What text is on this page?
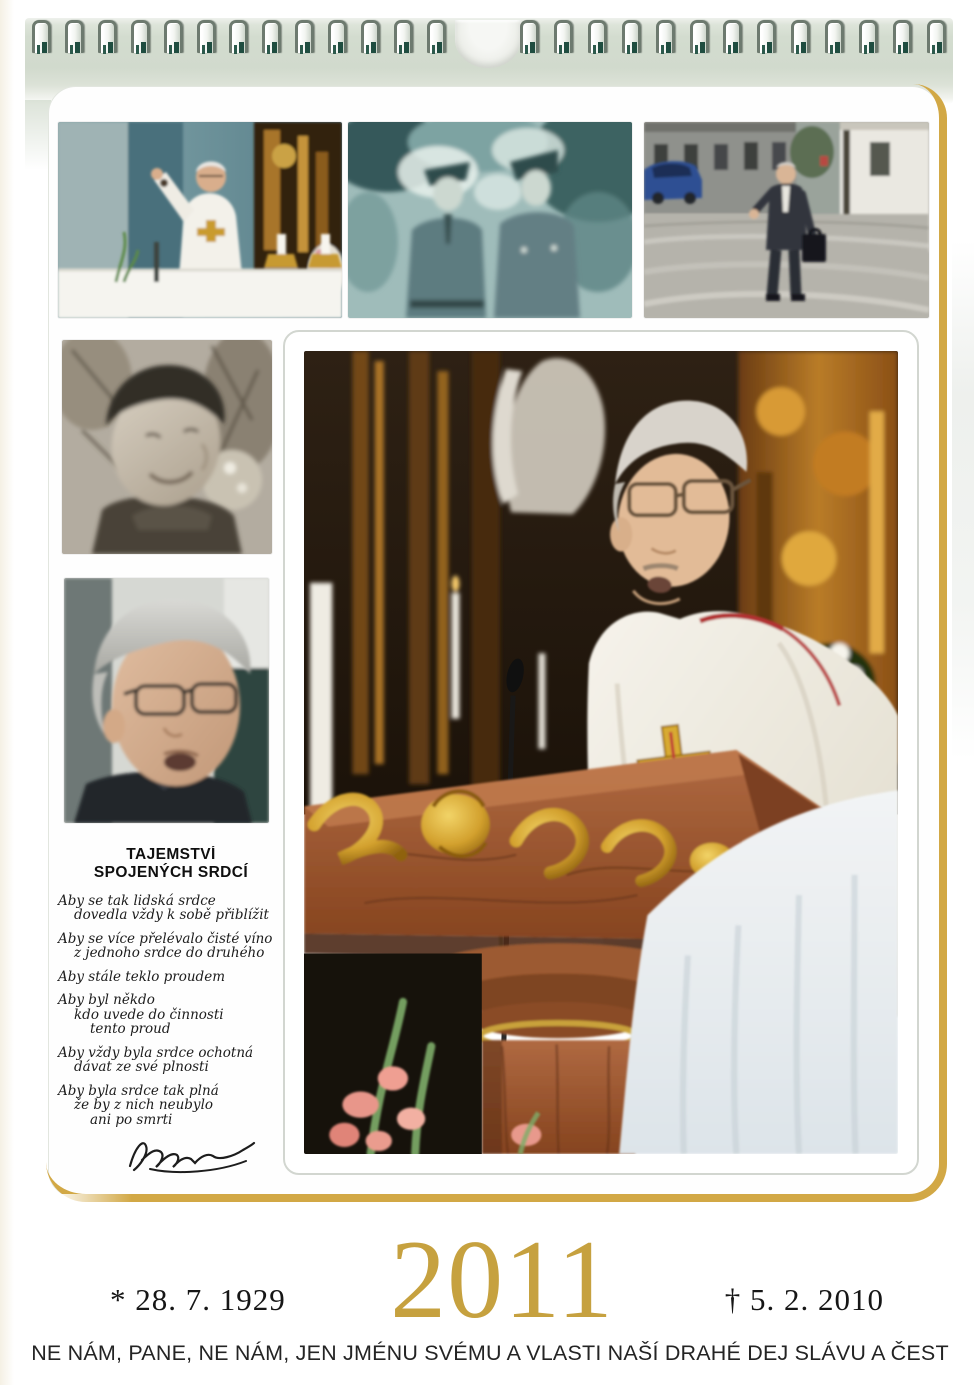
TAJEMSTVÍ
SPOJENÝCH SRDCÍ
Aby se tak lidská srdce
dovedla vždy k sobě přiblížit
Aby se více přelévalo čisté víno
z jednoho srdce do druhého
Aby stále teklo proudem
Aby byl někdo
kdo uvede do činnosti
tento proud
Aby vždy byla srdce ochotná
dávat ze své plnosti
Aby byla srdce tak plná
že by z nich neubylo
ani po smrti
2011
* 28. 7. 1929	† 5. 2. 2010
NE NÁM, PANE, NE NÁM, JEN JMÉNU SVÉMU A VLASTI NAŠÍ DRAHÉ DEJ SLÁVU A ČEST
